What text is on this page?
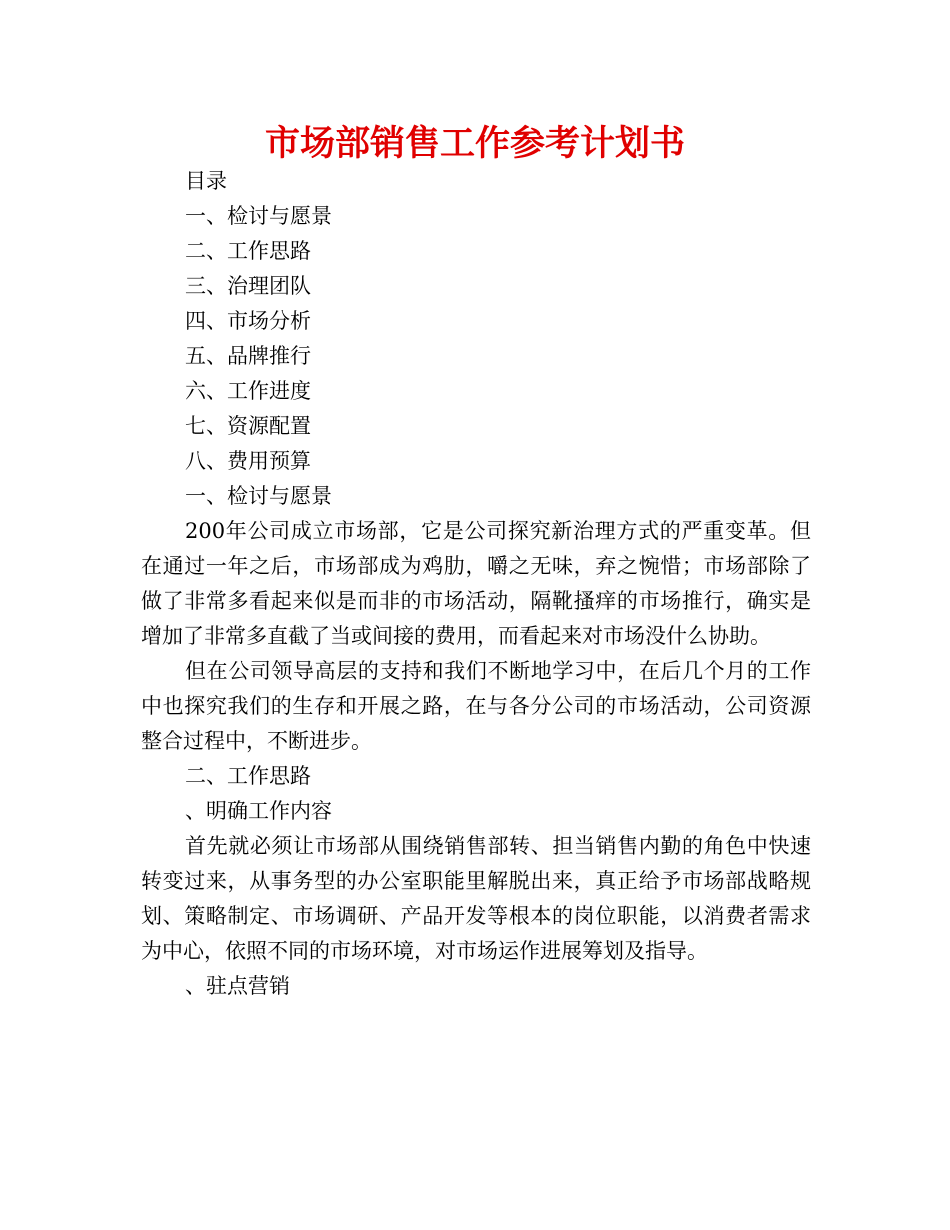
市场部销售工作参考计划书

目录

一、检讨与愿景

二、工作思路

三、治理团队

四、市场分析

五、品牌推行

六、工作进度

七、资源配置

八、费用预算

一、检讨与愿景

200年公司成立市场部，它是公司探究新治理方式的严重变革。但在通过一年之后，市场部成为鸡肋，嚼之无味，弃之惋惜；市场部除了做了非常多看起来似是而非的市场活动，隔靴搔痒的市场推行，确实是增加了非常多直截了当或间接的费用，而看起来对市场没什么协助。

但在公司领导高层的支持和我们不断地学习中，在后几个月的工作中也探究我们的生存和开展之路，在与各分公司的市场活动，公司资源整合过程中，不断进步。

二、工作思路

、明确工作内容

首先就必须让市场部从围绕销售部转、担当销售内勤的角色中快速转变过来，从事务型的办公室职能里解脱出来，真正给予市场部战略规划、策略制定、市场调研、产品开发等根本的岗位职能，以消费者需求为中心，依照不同的市场环境，对市场运作进展筹划及指导。

、驻点营销
